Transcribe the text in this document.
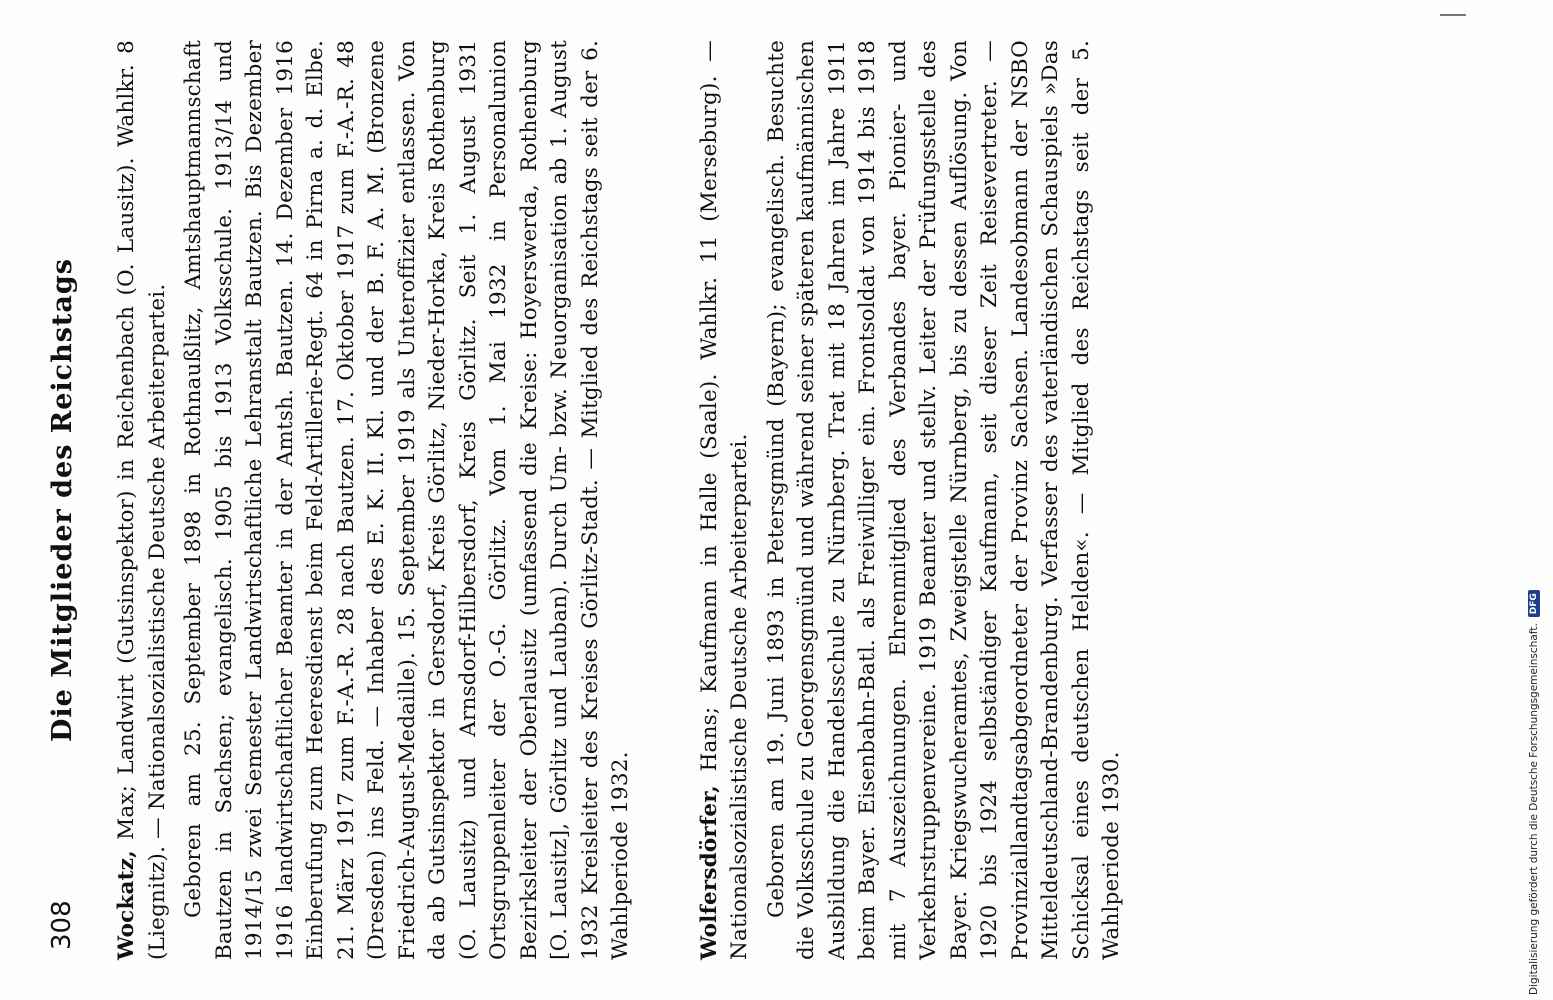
308
Die Mitglieder des Reichstags

Wockatz, Max; Landwirt (Gutsinspektor) in Reichenbach (O. Lausitz). Wahlkr. 8 (Liegnitz). — Nationalsozialistische Deutsche Arbeiterpartei. Geboren am 25. September 1898 in Rothnaußlitz, Amtshauptmannschaft Bautzen in Sachsen; evangelisch. 1905 bis 1913 Volksschule. 1913/14 und 1914/15 zwei Semester Landwirtschaftliche Lehranstalt Bautzen. Bis Dezember 1916 landwirtschaftlicher Beamter in der Amtsh. Bautzen. 14. Dezember 1916 Einberufung zum Heeresdienst beim Feld-Artillerie-Regt. 64 in Pirna a. d. Elbe. 21. März 1917 zum F.-A.-R. 28 nach Bautzen. 17. Oktober 1917 zum F.-A.-R. 48 (Dresden) ins Feld. — Inhaber des E. K. II. Kl. und der B. F. A. M. (Bronzene Friedrich-August-Medaille). 15. September 1919 als Unteroffizier entlassen. Von da ab Gutsinspektor in Gersdorf, Kreis Görlitz, Nieder-Horka, Kreis Rothenburg (O. Lausitz) und Arnsdorf-Hilbersdorf, Kreis Görlitz. Seit 1. August 1931 Ortsgruppenleiter der O.-G. Görlitz. Vom 1. Mai 1932 in Personalunion Bezirksleiter der Oberlausitz (umfassend die Kreise: Hoyerswerda, Rothenburg [O. Lausitz], Görlitz und Lauban). Durch Um- bzw. Neuorganisation ab 1. August 1932 Kreisleiter des Kreises Görlitz-Stadt. — Mitglied des Reichstags seit der 6. Wahlperiode 1932.	Wolfersdörfer, Hans; Kaufmann in Halle (Saale). Wahlkr. 11 (Merseburg). — Nationalsozialistische Deutsche Arbeiterpartei. Geboren am 19. Juni 1893 in Petersgmünd (Bayern); evangelisch. Besuchte die Volksschule zu Georgensgmünd und während seiner späteren kaufmännischen Ausbildung die Handelsschule zu Nürnberg. Trat mit 18 Jahren im Jahre 1911 beim Bayer. Eisenbahn-Batl. als Freiwilliger ein. Frontsoldat von 1914 bis 1918 mit 7 Auszeichnungen. Ehrenmitglied des Verbandes bayer. Pionier- und Verkehrstruppenvereine. 1919 Beamter und stellv. Leiter der Prüfungsstelle des Bayer. Kriegswucheramtes, Zweigstelle Nürnberg, bis zu dessen Auflösung. Von 1920 bis 1924 selbständiger Kaufmann, seit dieser Zeit Reisevertreter. — Provinziallandtagsabgeordneter der Provinz Sachsen. Landesobmann der NSBO Mitteldeutschland-Brandenburg. Verfasser des vaterländischen Schauspiels »Das Schicksal eines deutschen Helden«. — Mitglied des Reichstags seit der 5. Wahlperiode 1930.	Digitalisierung gefördert durch die Deutsche Forschungsgemeinschaft.
DFG
